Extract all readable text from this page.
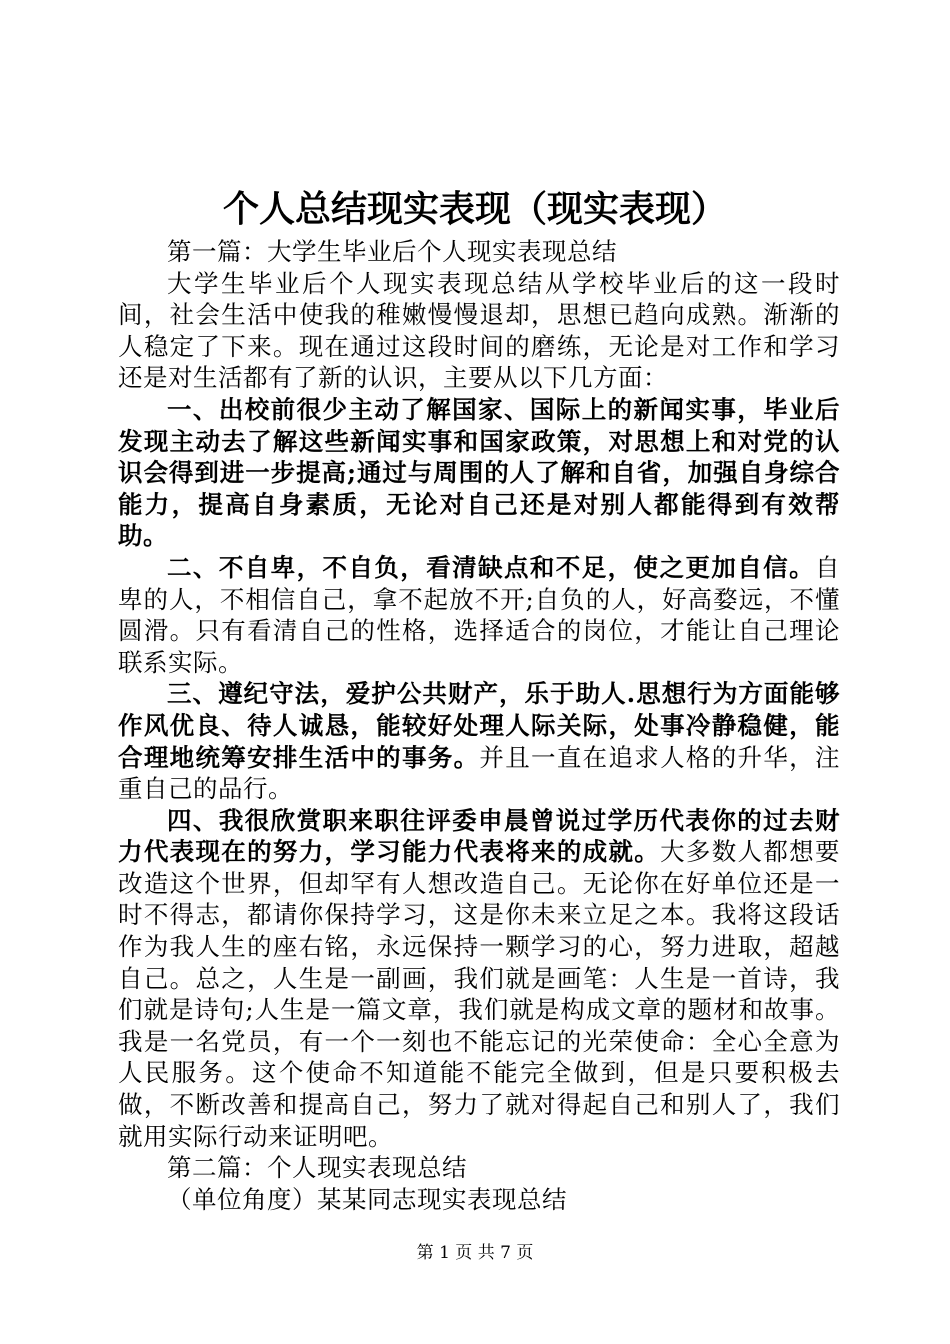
个人总结现实表现（现实表现）

第一篇：大学生毕业后个人现实表现总结

大学生毕业后个人现实表现总结从学校毕业后的这一段时间，社会生活中使我的稚嫩慢慢退却，思想已趋向成熟。渐渐的人稳定了下来。现在通过这段时间的磨练，无论是对工作和学习还是对生活都有了新的认识，主要从以下几方面：

一、出校前很少主动了解国家、国际上的新闻实事，毕业后发现主动去了解这些新闻实事和国家政策，对思想上和对党的认识会得到进一步提高;通过与周围的人了解和自省，加强自身综合能力，提高自身素质，无论对自己还是对别人都能得到有效帮助。

二、不自卑，不自负，看清缺点和不足，使之更加自信。自卑的人，不相信自己，拿不起放不开;自负的人，好高婺远，不懂圆滑。只有看清自己的性格，选择适合的岗位，才能让自己理论联系实际。

三、遵纪守法，爱护公共财产，乐于助人.思想行为方面能够作风优良、待人诚恳，能较好处理人际关际，处事冷静稳健，能合理地统筹安排生活中的事务。并且一直在追求人格的升华，注重自己的品行。

四、我很欣赏职来职往评委申晨曾说过学历代表你的过去财力代表现在的努力，学习能力代表将来的成就。大多数人都想要改造这个世界，但却罕有人想改造自己。无论你在好单位还是一时不得志，都请你保持学习，这是你未来立足之本。我将这段话作为我人生的座右铭，永远保持一颗学习的心，努力进取，超越自己。总之，人生是一副画，我们就是画笔：人生是一首诗，我们就是诗句;人生是一篇文章，我们就是构成文章的题材和故事。我是一名党员，有一个一刻也不能忘记的光荣使命：全心全意为人民服务。这个使命不知道能不能完全做到，但是只要积极去做，不断改善和提高自己，努力了就对得起自己和别人了，我们就用实际行动来证明吧。

第二篇：个人现实表现总结

（单位角度）某某同志现实表现总结

第 1 页 共 7 页
